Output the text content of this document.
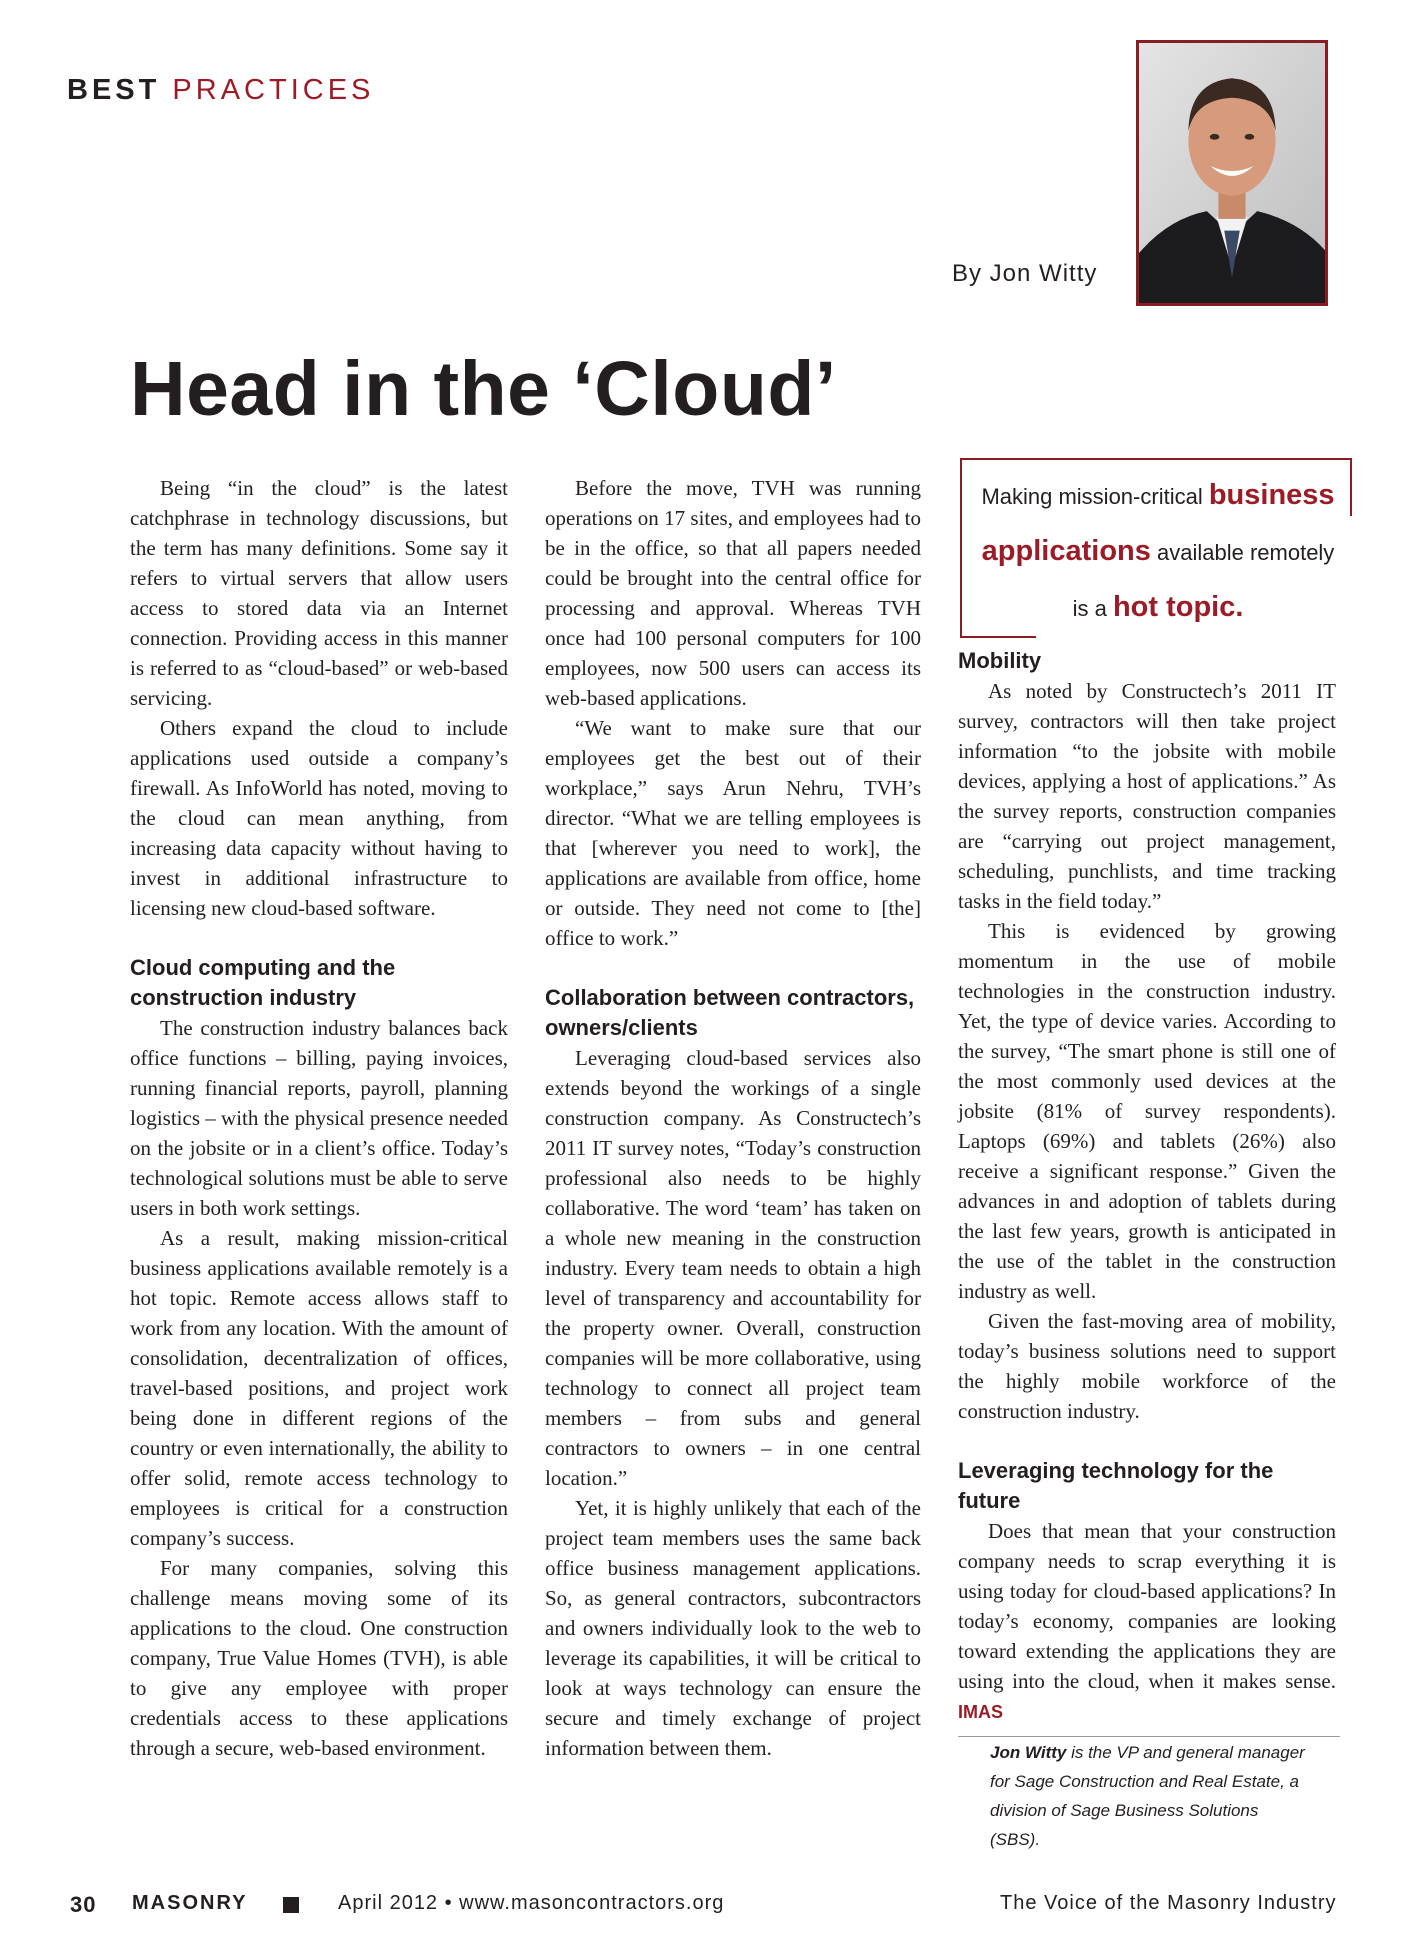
BEST PRACTICES
By Jon Witty
Head in the ‘Cloud’

Being “in the cloud” is the latest catchphrase in technology discussions, but the term has many definitions. Some say it refers to virtual servers that allow users access to stored data via an Internet connection. Providing access in this manner is referred to as “cloud-based” or web-based servicing.

Others expand the cloud to include applications used outside a company’s firewall. As InfoWorld has noted, moving to the cloud can mean anything, from increasing data capacity without having to invest in additional infrastructure to licensing new cloud-based software.

Cloud computing and the construction industry

The construction industry balances back office functions – billing, paying invoices, running financial reports, payroll, planning logistics – with the physical presence needed on the jobsite or in a client’s office. Today’s technological solutions must be able to serve users in both work settings.

As a result, making mission-critical business applications available remotely is a hot topic. Remote access allows staff to work from any location. With the amount of consolidation, decentralization of offices, travel-based positions, and project work being done in different regions of the country or even internationally, the ability to offer solid, remote access technology to employees is critical for a construction company’s success.

For many companies, solving this challenge means moving some of its applications to the cloud. One construction company, True Value Homes (TVH), is able to give any employee with proper credentials access to these applications through a secure, web-based environment.

Before the move, TVH was running operations on 17 sites, and employees had to be in the office, so that all papers needed could be brought into the central office for processing and approval. Whereas TVH once had 100 personal computers for 100 employees, now 500 users can access its web-based applications.

“We want to make sure that our employees get the best out of their workplace,” says Arun Nehru, TVH’s director. “What we are telling employees is that [wherever you need to work], the applications are available from office, home or outside. They need not come to [the] office to work.”

Collaboration between contractors, owners/clients

Leveraging cloud-based services also extends beyond the workings of a single construction company. As Constructech’s 2011 IT survey notes, “Today’s construction professional also needs to be highly collaborative. The word ‘team’ has taken on a whole new meaning in the construction industry. Every team needs to obtain a high level of transparency and accountability for the property owner. Overall, construction companies will be more collaborative, using technology to connect all project team members – from subs and general contractors to owners – in one central location.”

Yet, it is highly unlikely that each of the project team members uses the same back office business management applications. So, as general contractors, subcontractors and owners individually look to the web to leverage its capabilities, it will be critical to look at ways technology can ensure the secure and timely exchange of project information between them.

Making mission-critical business
applications available remotely
is a hot topic.
Mobility

As noted by Constructech’s 2011 IT survey, contractors will then take project information “to the jobsite with mobile devices, applying a host of applications.” As the survey reports, construction companies are “carrying out project management, scheduling, punchlists, and time tracking tasks in the field today.”

This is evidenced by growing momentum in the use of mobile technologies in the construction industry. Yet, the type of device varies. According to the survey, “The smart phone is still one of the most commonly used devices at the jobsite (81% of survey respondents). Laptops (69%) and tablets (26%) also receive a significant response.” Given the advances in and adoption of tablets during the last few years, growth is anticipated in the use of the tablet in the construction industry as well.

Given the fast-moving area of mobility, today’s business solutions need to support the highly mobile workforce of the construction industry.

Leveraging technology for the future

Does that mean that your construction company needs to scrap everything it is using today for cloud-based applications? In today’s economy, companies are looking toward extending the applications they are using into the cloud, when it makes sense. IMAS

Jon Witty is the VP and general manager for Sage Construction and Real Estate, a division of Sage Business Solutions (SBS).
30 MASONRY	April 2012 • www.masoncontractors.org	The Voice of the Masonry Industry
